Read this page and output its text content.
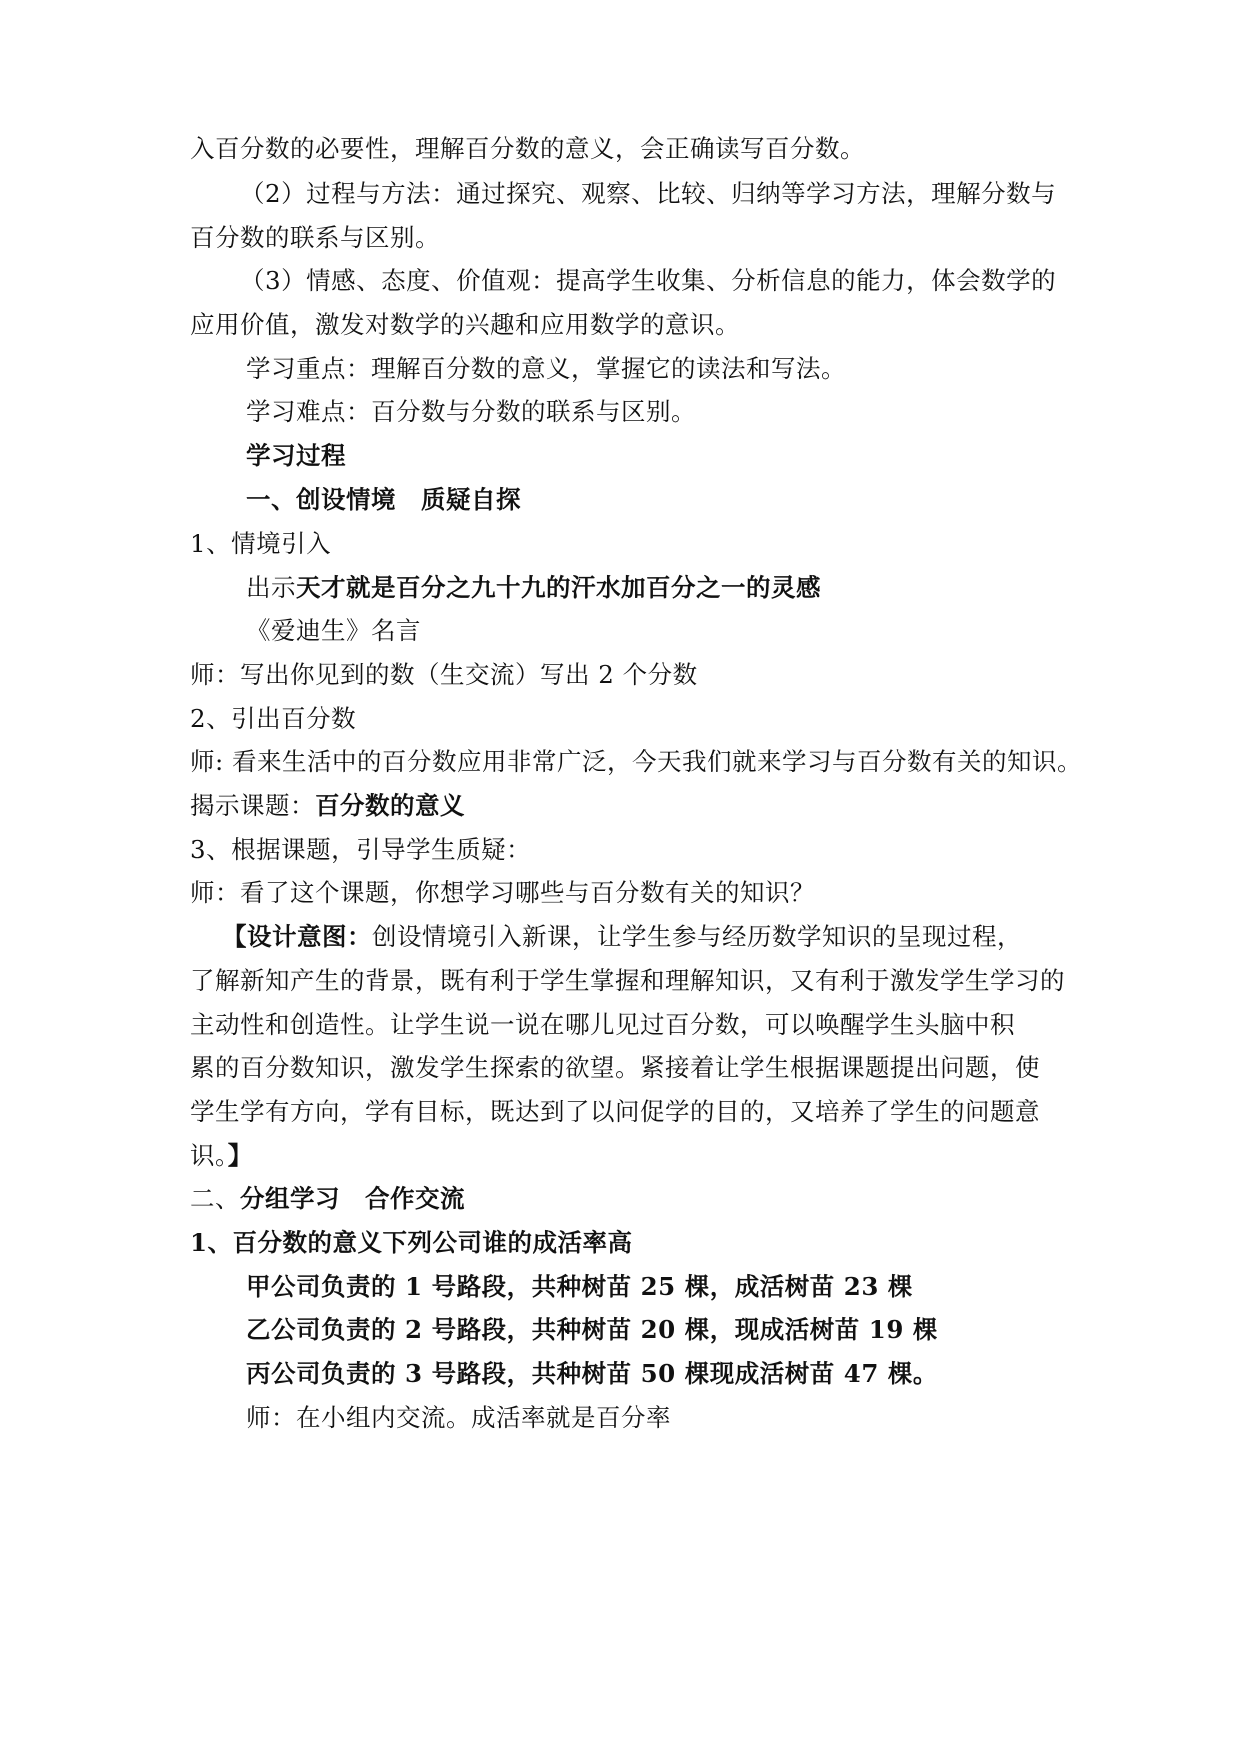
入百分数的必要性，理解百分数的意义，会正确读写百分数。
（2）过程与方法：通过探究、观察、比较、归纳等学习方法，理解分数与
百分数的联系与区别。
（3）情感、态度、价值观：提高学生收集、分析信息的能力，体会数学的
应用价值，激发对数学的兴趣和应用数学的意识。
学习重点：理解百分数的意义，掌握它的读法和写法。
学习难点：百分数与分数的联系与区别。
学习过程
一、创设情境　质疑自探
1、情境引入
出示天才就是百分之九十九的汗水加百分之一的灵感
《爱迪生》名言
师：写出你见到的数（生交流）写出 2 个分数
2、引出百分数
师: 看来生活中的百分数应用非常广泛，今天我们就来学习与百分数有关的知识。
揭示课题：百分数的意义
3、根据课题，引导学生质疑：
师：看了这个课题，你想学习哪些与百分数有关的知识？
【设计意图：创设情境引入新课，让学生参与经历数学知识的呈现过程，
了解新知产生的背景，既有利于学生掌握和理解知识，又有利于激发学生学习的
主动性和创造性。让学生说一说在哪儿见过百分数，可以唤醒学生头脑中积
累的百分数知识，激发学生探索的欲望。紧接着让学生根据课题提出问题，使
学生学有方向，学有目标，既达到了以问促学的目的，又培养了学生的问题意
识。】
二、分组学习　合作交流
1、百分数的意义下列公司谁的成活率高
甲公司负责的 1 号路段，共种树苗 25 棵，成活树苗 23 棵
乙公司负责的 2 号路段，共种树苗 20 棵，现成活树苗 19 棵
丙公司负责的 3 号路段，共种树苗 50 棵现成活树苗 47 棵。
师：在小组内交流。成活率就是百分率
